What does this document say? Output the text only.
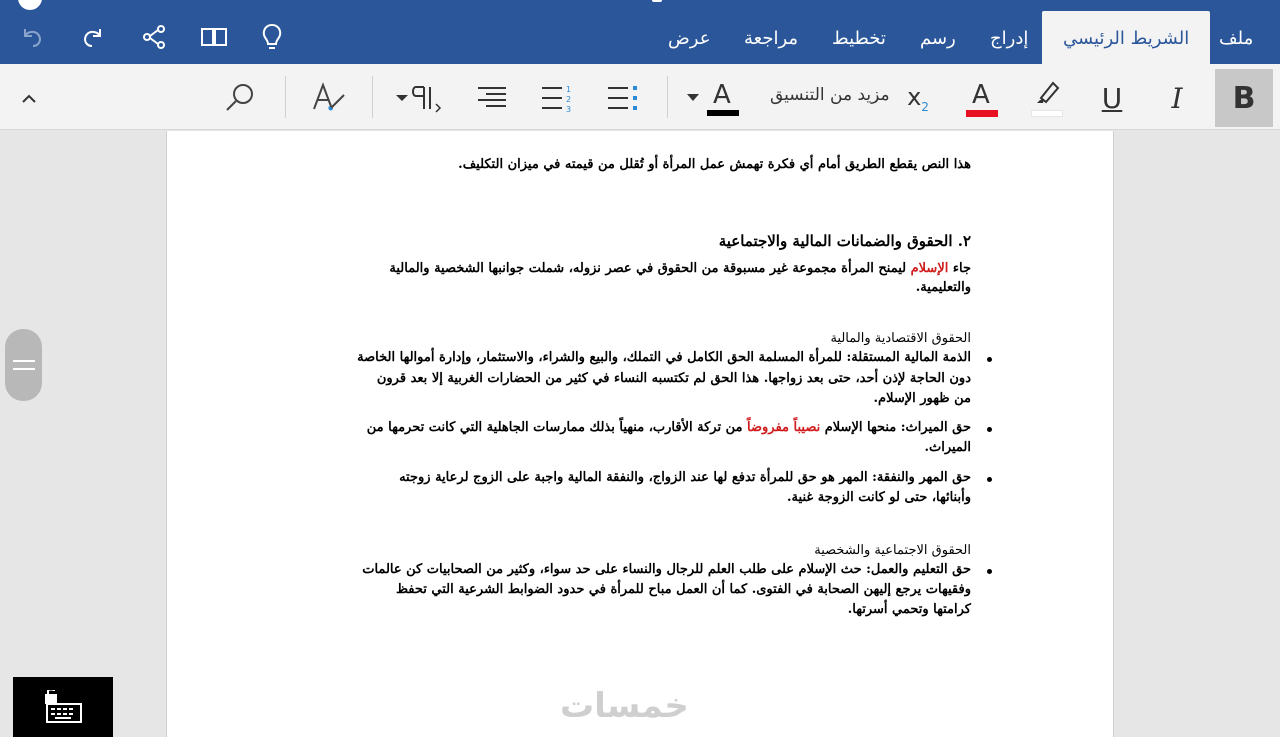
عرض	مراجعة	تخطيط	رسم	إدراج	الشريط الرئيسي	ملف
1
2
3	A مزيد من التنسيق $x_2$ A	U I B
هذا النص يقطع الطريق أمام أي فكرة تهمش عمل المرأة أو تُقلل من قيمته في ميزان التكليف.
٢. الحقوق والضمانات المالية والاجتماعية
جاء الإسلام ليمنح المرأة مجموعة غير مسبوقة من الحقوق في عصر نزوله، شملت جوانبها الشخصية والمالية
والتعليمية.
الحقوق الاقتصادية والمالية
الذمة المالية المستقلة: للمرأة المسلمة الحق الكامل في التملك، والبيع والشراء، والاستثمار، وإدارة أموالها الخاصة
دون الحاجة لإذن أحد، حتى بعد زواجها. هذا الحق لم تكتسبه النساء في كثير من الحضارات الغربية إلا بعد قرون
من ظهور الإسلام.
حق الميراث: منحها الإسلام نصيباً مفروضاً من تركة الأقارب، منهياً بذلك ممارسات الجاهلية التي كانت تحرمها من
الميراث.
حق المهر والنفقة: المهر هو حق للمرأة تدفع لها عند الزواج، والنفقة المالية واجبة على الزوج لرعاية زوجته
وأبنائها، حتى لو كانت الزوجة غنية.
الحقوق الاجتماعية والشخصية
حق التعليم والعمل: حث الإسلام على طلب العلم للرجال والنساء على حد سواء، وكثير من الصحابيات كن عالمات
وفقيهات يرجع إليهن الصحابة في الفتوى. كما أن العمل مباح للمرأة في حدود الضوابط الشرعية التي تحفظ
كرامتها وتحمي أسرتها.
خمسات
